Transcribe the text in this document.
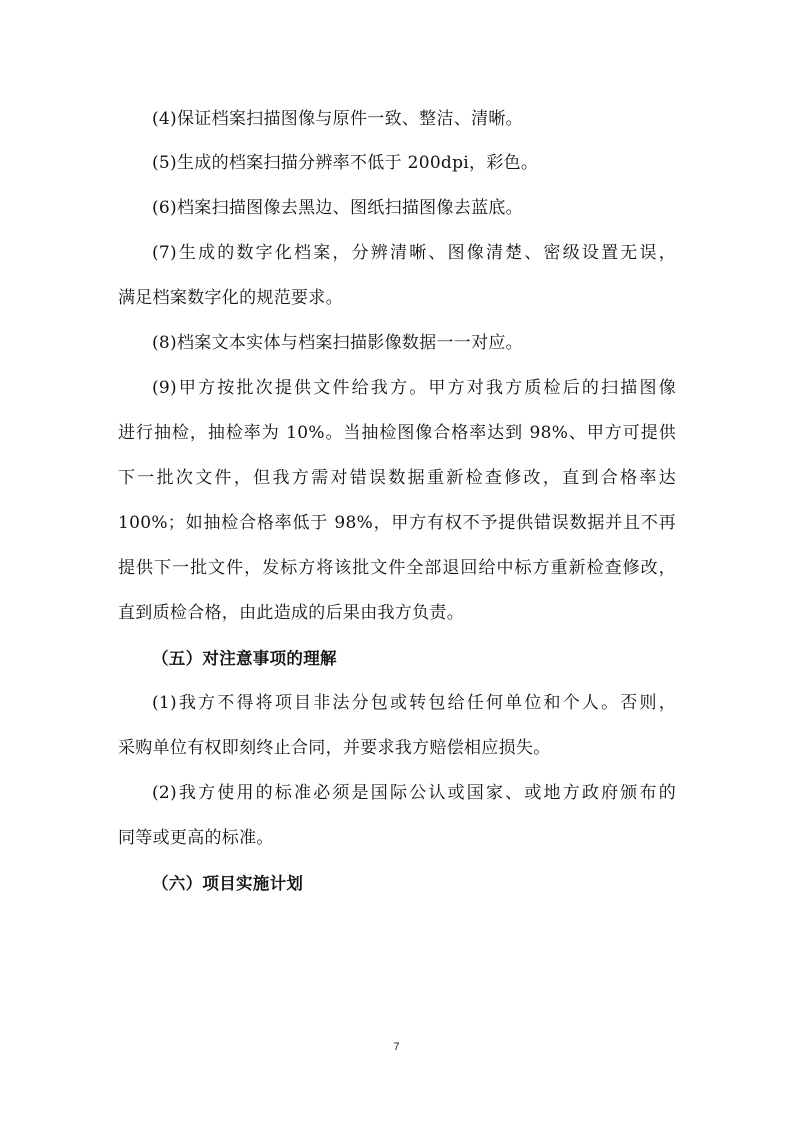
(4)保证档案扫描图像与原件一致、整洁、清晰。
(5)生成的档案扫描分辨率不低于 200dpi，彩色。
(6)档案扫描图像去黑边、图纸扫描图像去蓝底。
(7)生成的数字化档案，分辨清晰、图像清楚、密级设置无误，
满足档案数字化的规范要求。
(8)档案文本实体与档案扫描影像数据一一对应。
(9)甲方按批次提供文件给我方。甲方对我方质检后的扫描图像
进行抽检，抽检率为 10%。当抽检图像合格率达到 98%、甲方可提供
下一批次文件，但我方需对错误数据重新检查修改，直到合格率达
100%；如抽检合格率低于 98%，甲方有权不予提供错误数据并且不再
提供下一批文件，发标方将该批文件全部退回给中标方重新检查修改，
直到质检合格，由此造成的后果由我方负责。
（五）对注意事项的理解
(1)我方不得将项目非法分包或转包给任何单位和个人。否则，
采购单位有权即刻终止合同，并要求我方赔偿相应损失。
(2)我方使用的标准必须是国际公认或国家、或地方政府颁布的
同等或更高的标准。
（六）项目实施计划
7
